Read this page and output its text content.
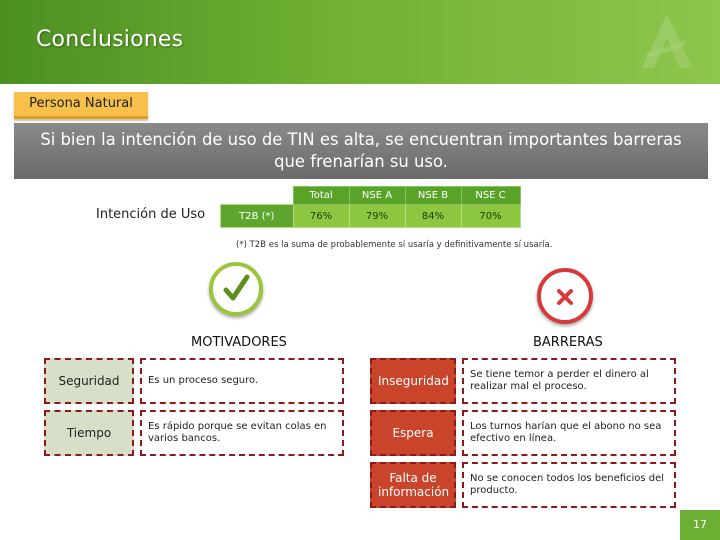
Conclusiones
Persona Natural
Si bien la intención de uso de TIN es alta, se encuentran importantes barreras que frenarían su uso.
Intención de Uso
	Total	NSE A	NSE B	NSE C
T2B (*)	76%	79%	84%	70%
(*) T2B es la suma de probablemente sí usaría y definitivamente sí usaría.
MOTIVADORES	BARRERAS
Seguridad	Es un proceso seguro.
Tiempo	Es rápido porque se evitan colas en varios bancos.
Inseguridad Se tiene temor a perder el dinero al realizar mal el proceso.
Espera	Los turnos harían que el abono no sea efectivo en línea.
Falta de información
No se conocen todos los beneficios del producto.
17
